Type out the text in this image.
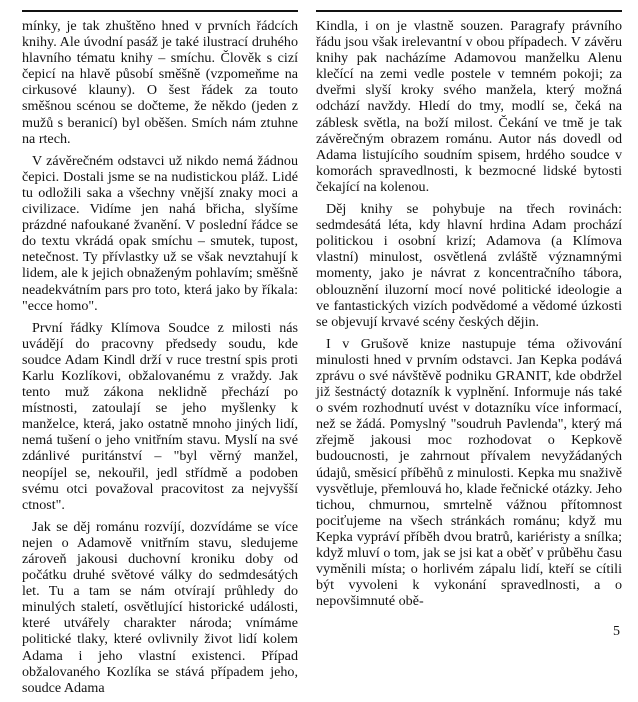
mínky, je tak zhuštěno hned v prvních řádcích knihy. Ale úvodní pasáž je také ilustrací druhého hlavního tématu knihy – smíchu. Člověk s cizí čepicí na hlavě působí směšně (vzpomeňme na cirkusové klauny). O šest řádek za touto směšnou scénou se dočteme, že někdo (jeden z mužů s beranicí) byl oběšen. Smích nám ztuhne na rtech.

V závěrečném odstavci už nikdo nemá žádnou čepici. Dostali jsme se na nudistickou pláž. Lidé tu odložili saka a všechny vnější znaky moci a civilizace. Vidíme jen nahá břicha, slyšíme prázdné nafoukané žvanění. V poslední řádce se do textu vkrádá opak smíchu – smutek, tupost, netečnost. Ty přívlastky už se však nevztahují k lidem, ale k jejich obnaženým pohlavím; směšně neadekvátním pars pro toto, která jako by říkala: "ecce homo".

První řádky Klímova Soudce z milosti nás uvádějí do pracovny předsedy soudu, kde soudce Adam Kindl drží v ruce trestní spis proti Karlu Kozlíkovi, obžalovanému z vraždy. Jak tento muž zákona neklidně přechází po místnosti, zatoulají se jeho myšlenky k manželce, která, jako ostatně mnoho jiných lidí, nemá tušení o jeho vnitřním stavu. Myslí na své zdánlivé puritánství – "byl věrný manžel, neopíjel se, nekouřil, jedl střídmě a podoben svému otci považoval pracovitost za nejvyšší ctnost".

Jak se děj románu rozvíjí, dozvídáme se více nejen o Adamově vnitřním stavu, sledujeme zároveň jakousi duchovní kroniku doby od počátku druhé světové války do sedmdesátých let. Tu a tam se nám otvírají průhledy do minulých staletí, osvětlující historické události, které utvářely charakter národa; vnímáme politické tlaky, které ovlivnily život lidí kolem Adama i jeho vlastní existenci. Případ obžalovaného Kozlíka se stává případem jeho, soudce Adama

Kindla, i on je vlastně souzen. Paragrafy právního řádu jsou však irelevantní v obou případech. V závěru knihy pak nacházíme Adamovou manželku Alenu klečící na zemi vedle postele v temném pokoji; za dveřmi slyší kroky svého manžela, který možná odchází navždy. Hledí do tmy, modlí se, čeká na záblesk světla, na boží milost. Čekání ve tmě je tak závěrečným obrazem románu. Autor nás dovedl od Adama listujícího soudním spisem, hrdého soudce v komorách spravedlnosti, k bezmocné lidské bytosti čekající na kolenou.

Děj knihy se pohybuje na třech rovinách: sedmdesátá léta, kdy hlavní hrdina Adam prochází politickou i osobní krizí; Adamova (a Klímova vlastní) minulost, osvětlená zvláště významnými momenty, jako je návrat z koncentračního tábora, oblouznění iluzorní mocí nové politické ideologie a ve fantastických vizích podvědomé a vědomé úzkosti se objevují krvavé scény českých dějin.

I v Grušově knize nastupuje téma oživování minulosti hned v prvním odstavci. Jan Kepka podává zprávu o své návštěvě podniku GRANIT, kde obdržel již šestnáctý dotazník k vyplnění. Informuje nás také o svém rozhodnutí uvést v dotazníku více informací, než se žádá. Pomyslný "soudruh Pavlenda", který má zřejmě jakousi moc rozhodovat o Kepkově budoucnosti, je zahrnout přívalem nevyžádaných údajů, směsicí příběhů z minulosti. Kepka mu snaživě vysvětluje, přemlouvá ho, klade řečnické otázky. Jeho tichou, chmurnou, smrtelně vážnou přítomnost pociťujeme na všech stránkách románu; když mu Kepka vypráví příběh dvou bratrů, kariéristy a snílka; když mluví o tom, jak se jsi kat a oběť v průběhu času vyměnili místa; o horlivém zápalu lidí, kteří se cítili být vyvoleni k vykonání spravedlnosti, a o nepovšimnuté obě-

5
